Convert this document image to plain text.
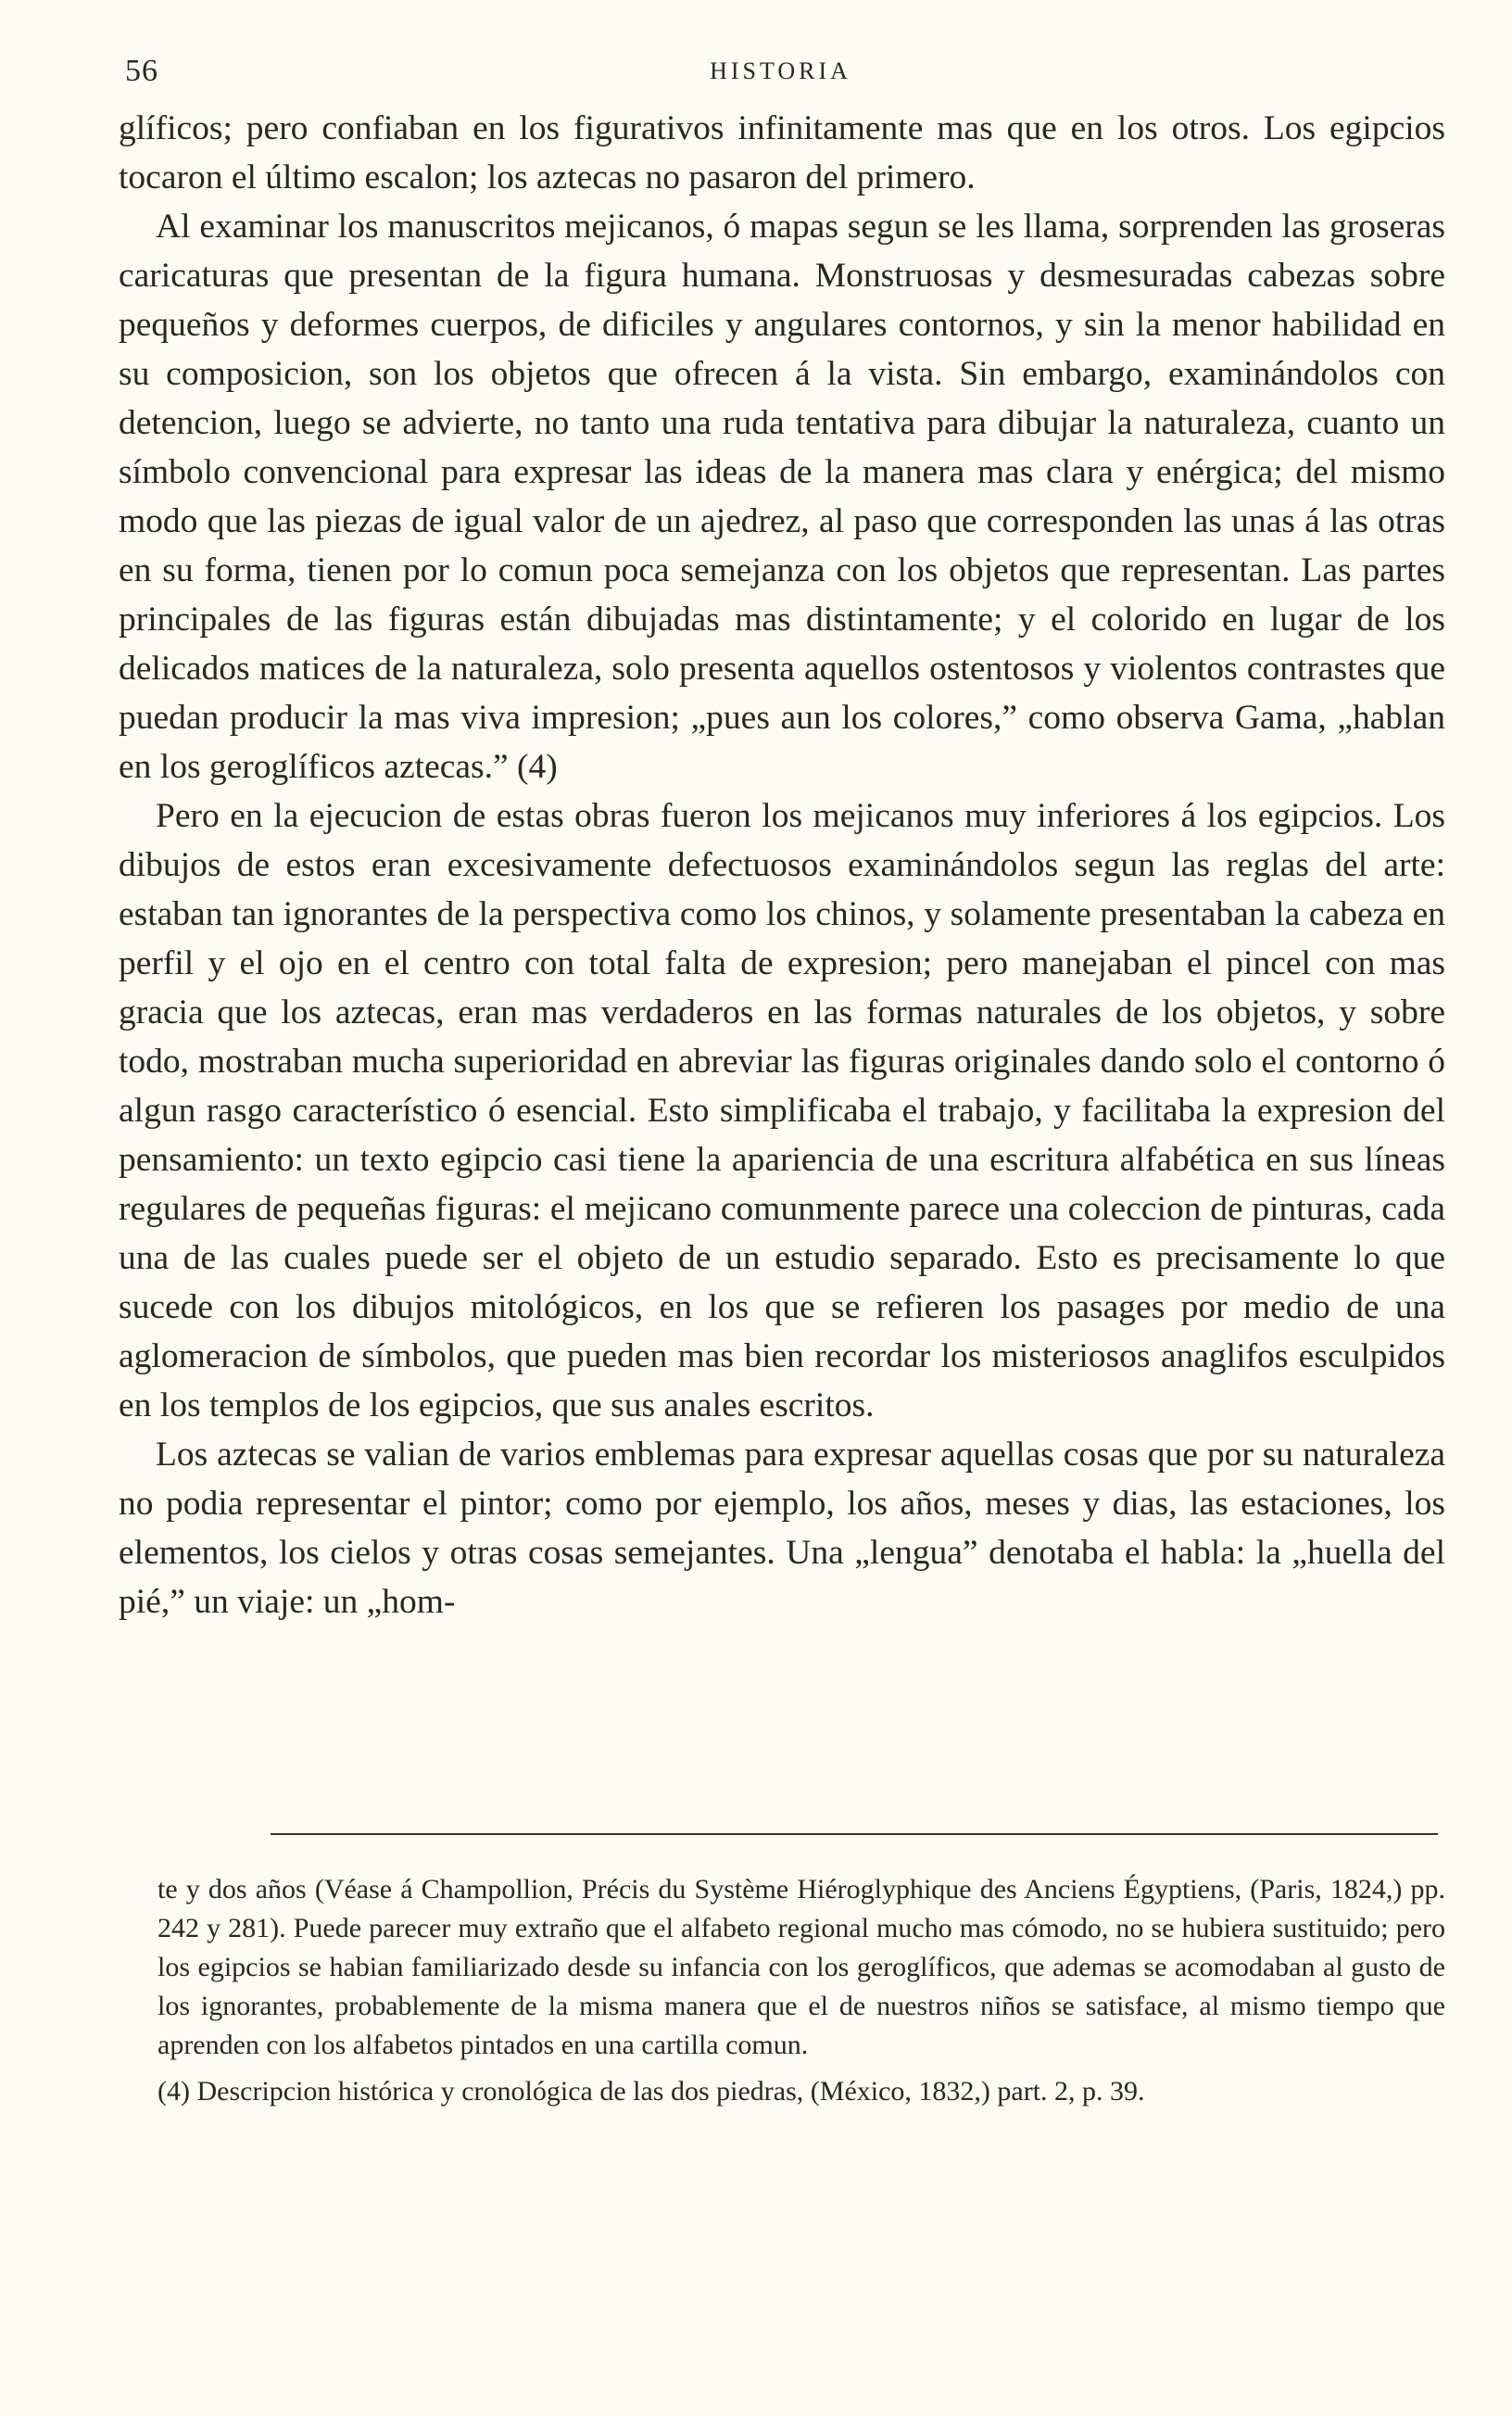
56	HISTORIA

glíficos; pero confiaban en los figurativos infinitamente mas que en los otros. Los egipcios tocaron el último escalon; los aztecas no pasaron del primero.

Al examinar los manuscritos mejicanos, ó mapas segun se les llama, sorprenden las groseras caricaturas que presentan de la figura humana. Monstruosas y desmesuradas cabezas sobre pequeños y deformes cuerpos, de dificiles y angulares contornos, y sin la menor habilidad en su composicion, son los objetos que ofrecen á la vista. Sin embargo, examinándolos con detencion, luego se advierte, no tanto una ruda tentativa para dibujar la naturaleza, cuanto un símbolo convencional para expresar las ideas de la manera mas clara y enérgica; del mismo modo que las piezas de igual valor de un ajedrez, al paso que corresponden las unas á las otras en su forma, tienen por lo comun poca semejanza con los objetos que representan. Las partes principales de las figuras están dibujadas mas distintamente; y el colorido en lugar de los delicados matices de la naturaleza, solo presenta aquellos ostentosos y violentos contrastes que puedan producir la mas viva impresion; „pues aun los colores,” como observa Gama, „hablan en los geroglíficos aztecas.” (4)

Pero en la ejecucion de estas obras fueron los mejicanos muy inferiores á los egipcios. Los dibujos de estos eran excesivamente defectuosos examinándolos segun las reglas del arte: estaban tan ignorantes de la perspectiva como los chinos, y solamente presentaban la cabeza en perfil y el ojo en el centro con total falta de expresion; pero manejaban el pincel con mas gracia que los aztecas, eran mas verdaderos en las formas naturales de los objetos, y sobre todo, mostraban mucha superioridad en abreviar las figuras originales dando solo el contorno ó algun rasgo característico ó esencial. Esto simplificaba el trabajo, y facilitaba la expresion del pensamiento: un texto egipcio casi tiene la apariencia de una escritura alfabética en sus líneas regulares de pequeñas figuras: el mejicano comunmente parece una coleccion de pinturas, cada una de las cuales puede ser el objeto de un estudio separado. Esto es precisamente lo que sucede con los dibujos mitológicos, en los que se refieren los pasages por medio de una aglomeracion de símbolos, que pueden mas bien recordar los misteriosos anaglifos esculpidos en los templos de los egipcios, que sus anales escritos.

Los aztecas se valian de varios emblemas para expresar aquellas cosas que por su naturaleza no podia representar el pintor; como por ejemplo, los años, meses y dias, las estaciones, los elementos, los cielos y otras cosas semejantes. Una „lengua” denotaba el habla: la „huella del pié,” un viaje: un „hom-

te y dos años (Véase á Champollion, Précis du Système Hiéroglyphique des Anciens Égyptiens, (Paris, 1824,) pp. 242 y 281). Puede parecer muy extraño que el alfabeto regional mucho mas cómodo, no se hubiera sustituido; pero los egipcios se habian familiarizado desde su infancia con los geroglíficos, que ademas se acomodaban al gusto de los ignorantes, probablemente de la misma manera que el de nuestros niños se satisface, al mismo tiempo que aprenden con los alfabetos pintados en una cartilla comun.

(4) Descripcion histórica y cronológica de las dos piedras, (México, 1832,) part. 2, p. 39.
